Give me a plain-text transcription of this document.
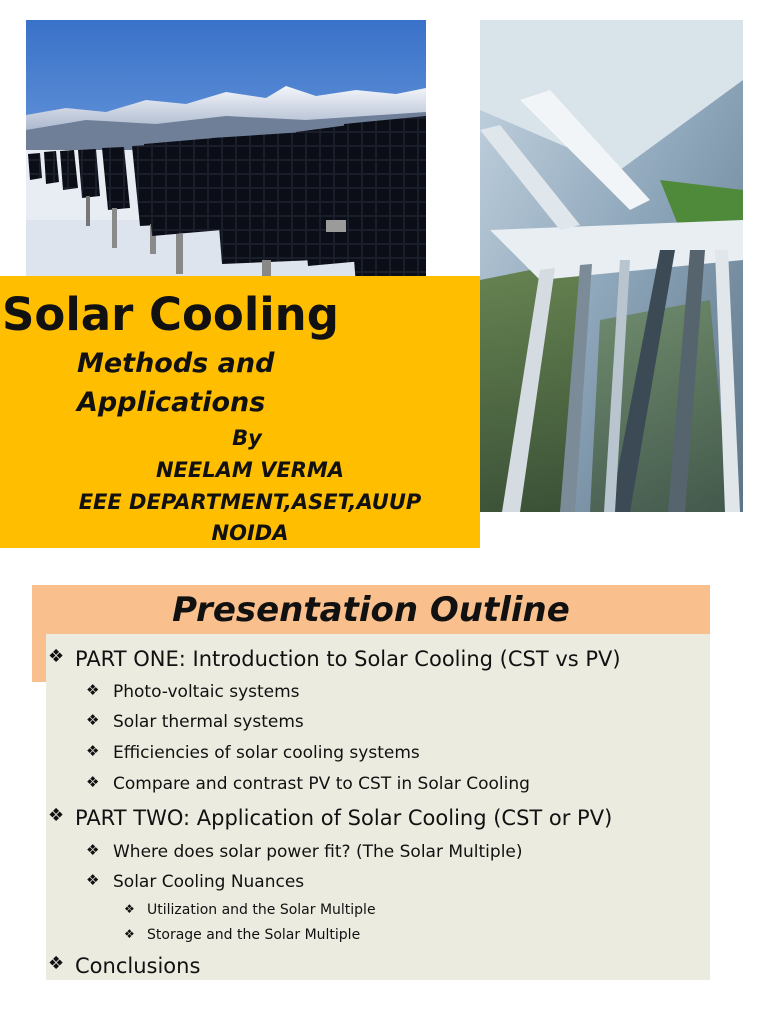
Solar Cooling

Methods and

Applications

By

NEELAM VERMA

EEE DEPARTMENT,ASET,AUUP

NOIDA

Presentation Outline
❖ PART ONE: Introduction to Solar Cooling (CST vs PV)
❖ Photo-voltaic systems
❖ Solar thermal systems
❖ Efficiencies of solar cooling systems
❖ Compare and contrast PV to CST in Solar Cooling
❖ PART TWO: Application of Solar Cooling (CST or PV)
❖ Where does solar power fit? (The Solar Multiple)
❖ Solar Cooling Nuances
❖ Utilization and the Solar Multiple
❖ Storage and the Solar Multiple
❖ Conclusions
